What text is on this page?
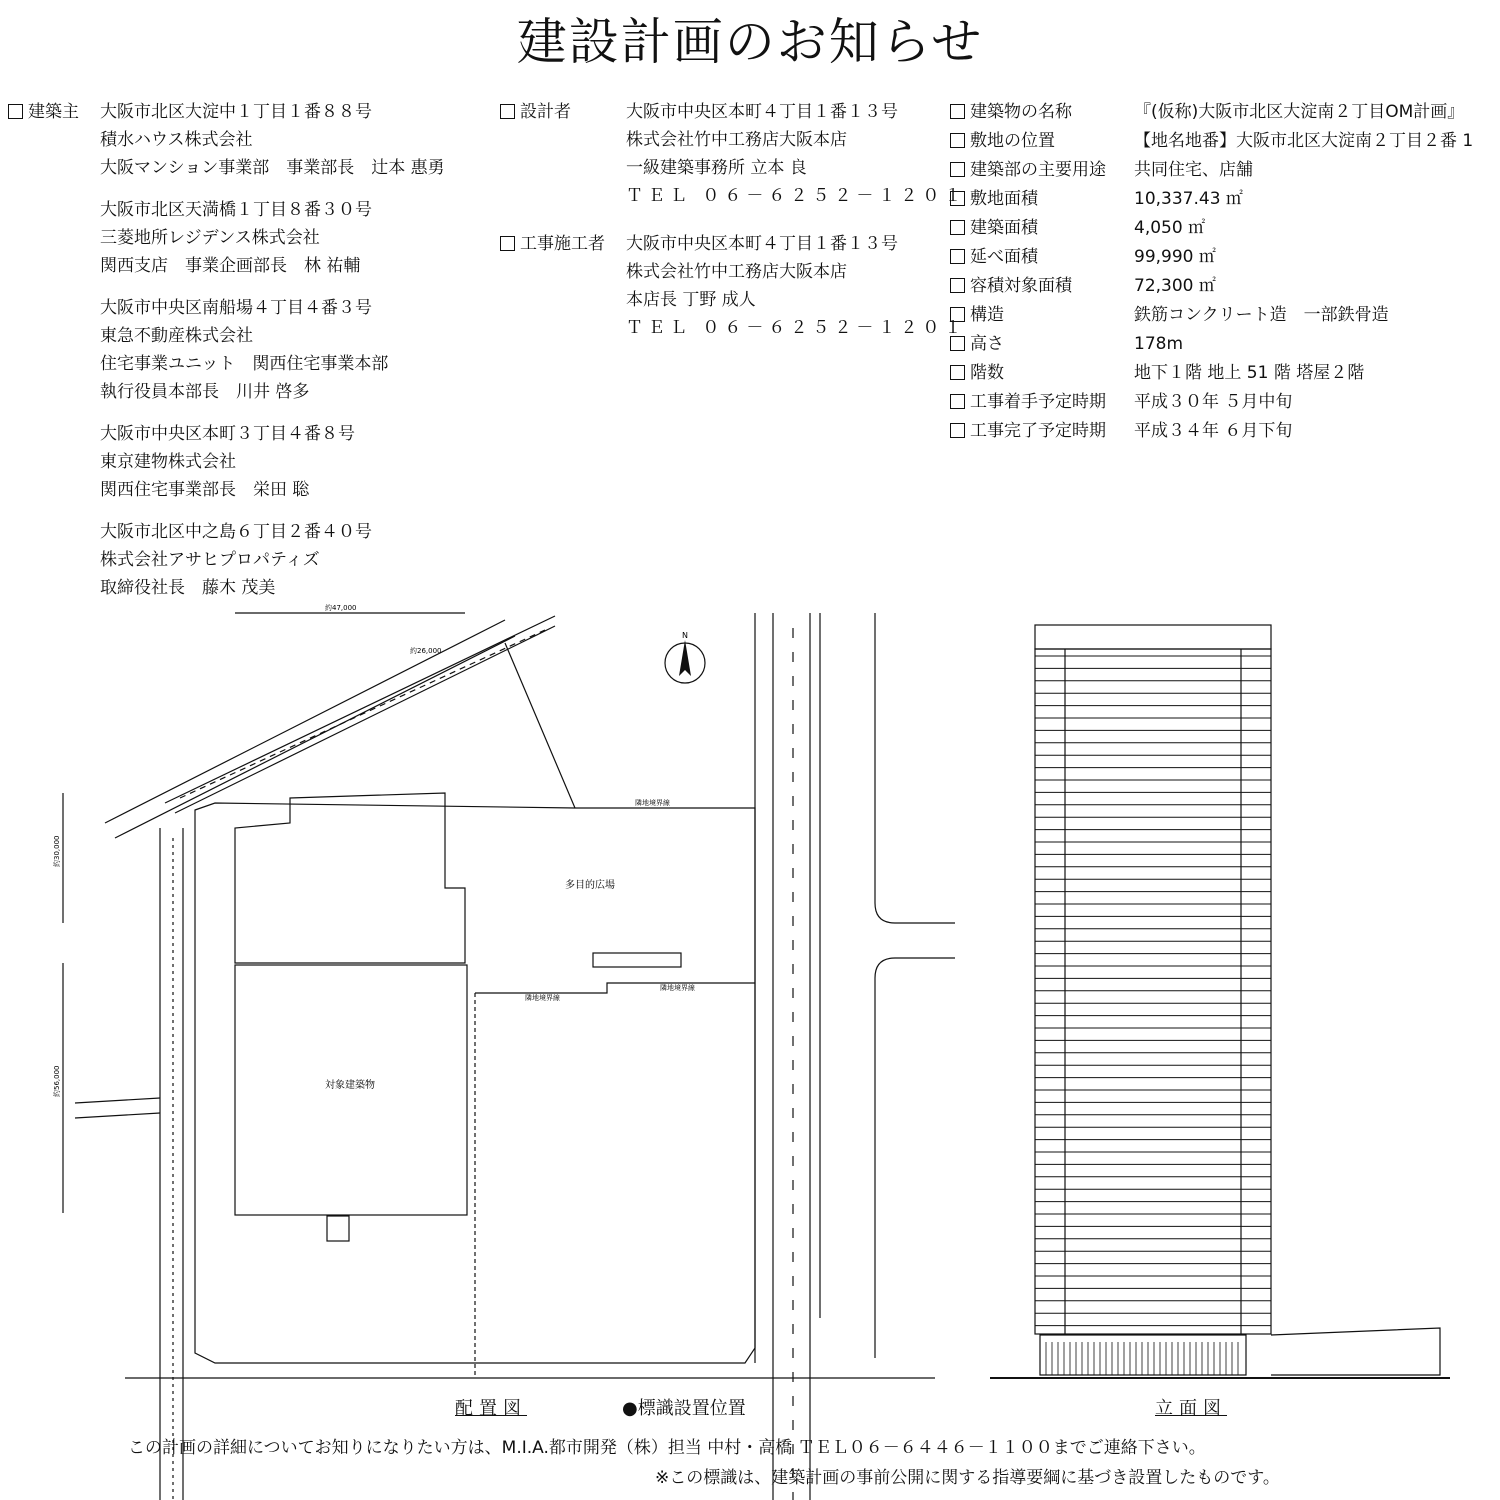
建設計画のお知らせ
建築主 大阪市北区大淀中１丁目１番８８号
積水ハウス株式会社
大阪マンション事業部　事業部長　辻本 惠勇
大阪市北区天満橋１丁目８番３０号
三菱地所レジデンス株式会社
関西支店　事業企画部長　林 祐輔
大阪市中央区南船場４丁目４番３号
東急不動産株式会社
住宅事業ユニット　関西住宅事業本部
執行役員本部長　川井 啓多
大阪市中央区本町３丁目４番８号
東京建物株式会社
関西住宅事業部長　栄田 聡
大阪市北区中之島６丁目２番４０号
株式会社アサヒプロパティズ
取締役社長　藤木 茂美
設計者	大阪市中央区本町４丁目１番１３号
株式会社竹中工務店大阪本店
一級建築事務所 立本 良
ＴＥＬ ０６－６２５２－１２０１
工事施工者 大阪市中央区本町４丁目１番１３号
株式会社竹中工務店大阪本店
本店長 丁野 成人
ＴＥＬ ０６－６２５２－１２０１
建築物の名称	『(仮称)大阪市北区大淀南２丁目OM計画』
敷地の位置	【地名地番】大阪市北区大淀南２丁目２番 1
建築部の主要用途 共同住宅、店舗
敷地面積	10,337.43 ㎡
建築面積	4,050 ㎡
延べ面積	99,990 ㎡
容積対象面積	72,300 ㎡
構造	鉄筋コンクリート造　一部鉄骨造
高さ	178m
階数	地下１階 地上 51 階 塔屋２階
工事着手予定時期 平成３０年 ５月中旬
工事完了予定時期 平成３４年 ６月下旬
N
対象建築物
多目的広場
隣地境界線
隣地境界線
隣地境界線
約47,000
約26,000
約30,000
約56,000
配置図	●標識設置位置	立面図
この計画の詳細についてお知りになりたい方は、M.I.A.都市開発（株）担当 中村・高橋 ＴＥＬ０６－６４４６－１１００までご連絡下さい。
※この標識は、建築計画の事前公開に関する指導要綱に基づき設置したものです。
